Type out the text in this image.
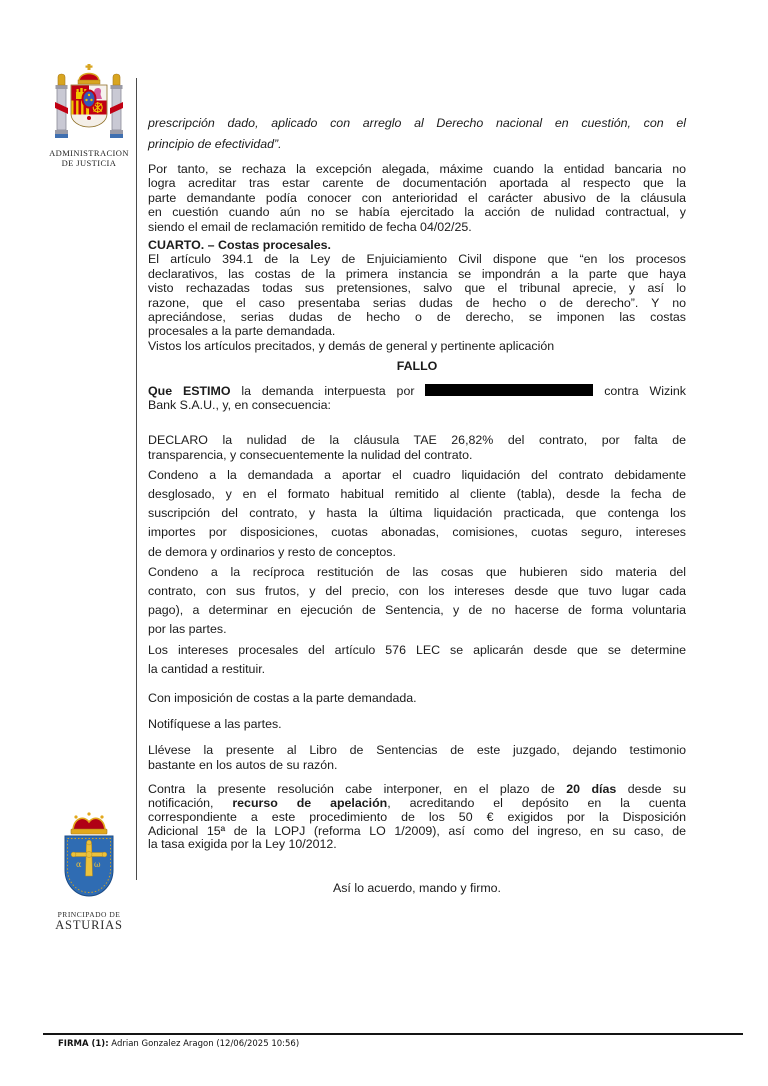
ADMINISTRACION
DE JUSTICIA
prescripción dado, aplicado con arreglo al Derecho nacional en cuestión, con el
principio de efectividad”.
Por tanto, se rechaza la excepción alegada, máxime cuando la entidad bancaria no
logra acreditar tras estar carente de documentación aportada al respecto que la
parte demandante podía conocer con anterioridad el carácter abusivo de la cláusula
en cuestión cuando aún no se había ejercitado la acción de nulidad contractual, y
siendo el email de reclamación remitido de fecha 04/02/25.
CUARTO. – Costas procesales.
El artículo 394.1 de la Ley de Enjuiciamiento Civil dispone que “en los procesos
declarativos, las costas de la primera instancia se impondrán a la parte que haya
visto rechazadas todas sus pretensiones, salvo que el tribunal aprecie, y así lo
razone, que el caso presentaba serias dudas de hecho o de derecho”. Y no
apreciándose, serias dudas de hecho o de derecho, se imponen las costas
procesales a la parte demandada.
Vistos los artículos precitados, y demás de general y pertinente aplicación
FALLO
Que ESTIMO la demanda interpuesta por	contra Wizink
Bank S.A.U., y, en consecuencia:
DECLARO la nulidad de la cláusula TAE 26,82% del contrato, por falta de
transparencia, y consecuentemente la nulidad del contrato.
Condeno a la demandada a aportar el cuadro liquidación del contrato debidamente
desglosado, y en el formato habitual remitido al cliente (tabla), desde la fecha de
suscripción del contrato, y hasta la última liquidación practicada, que contenga los
importes por disposiciones, cuotas abonadas, comisiones, cuotas seguro, intereses
de demora y ordinarios y resto de conceptos.
Condeno a la recíproca restitución de las cosas que hubieren sido materia del
contrato, con sus frutos, y del precio, con los intereses desde que tuvo lugar cada
pago), a determinar en ejecución de Sentencia, y de no hacerse de forma voluntaria
por las partes.
Los intereses procesales del artículo 576 LEC se aplicarán desde que se determine
la cantidad a restituir.
Con imposición de costas a la parte demandada.
Notifíquese a las partes.
Llévese la presente al Libro de Sentencias de este juzgado, dejando testimonio
bastante en los autos de su razón.
Contra la presente resolución cabe interponer, en el plazo de 20 días desde su
notificación, recurso de apelación, acreditando el depósito en la cuenta
correspondiente a este procedimiento de los 50 € exigidos por la Disposición
Adicional 15ª de la LOPJ (reforma LO 1/2009), así como del ingreso, en su caso, de
la tasa exigida por la Ley 10/2012.
Así lo acuerdo, mando y firmo.
α ω
PRINCIPADO DE
ASTURIAS
FIRMA (1): Adrian Gonzalez Aragon (12/06/2025 10:56)
